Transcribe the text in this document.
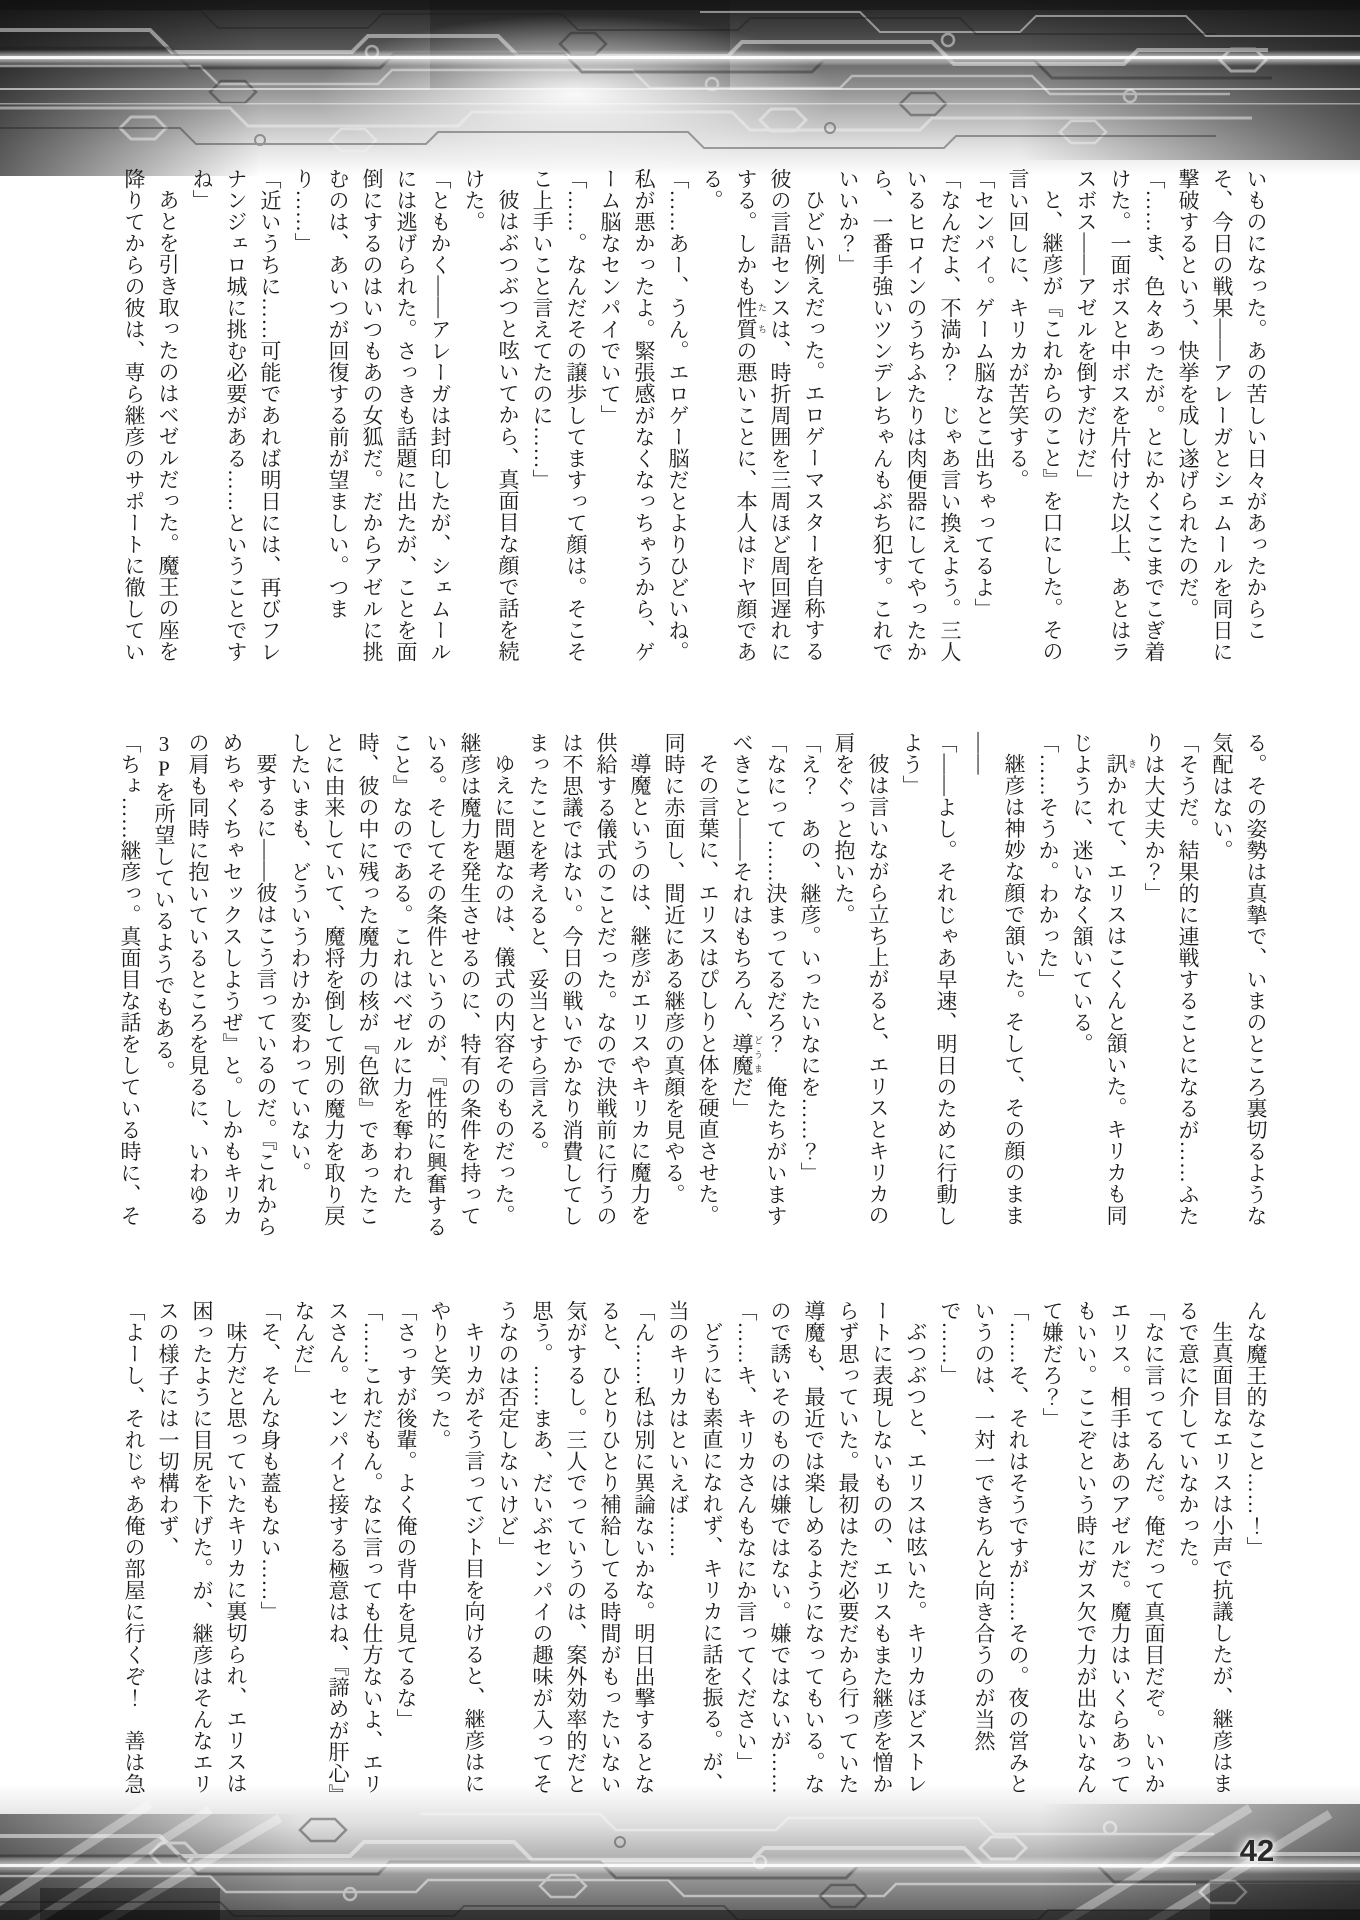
いものになった。あの苦しい日々があったからこそ、今日の戦果——アレーガとシェムールを同日に撃破するという、快挙を成し遂げられたのだ。

「……ま、色々あったが。とにかくここまでこぎ着けた。一面ボスと中ボスを片付けた以上、あとはラスボス——アゼルを倒すだけだ」

と、継彦が『これからのこと』を口にした。その言い回しに、キリカが苦笑する。

「センパイ。ゲーム脳なとこ出ちゃってるよ」

「なんだよ、不満か？　じゃあ言い換えよう。三人いるヒロインのうちふたりは肉便器にしてやったから、一番手強いツンデレちゃんもぶち犯す。これでいいか？」

ひどい例えだった。エロゲーマスターを自称する彼の言語センスは、時折周囲を三周ほど周回遅れにする。しかも性質 たちの悪いことに、本人はドヤ顔である。

「……あー、うん。エロゲー脳だとよりひどいね。私が悪かったよ。緊張感がなくなっちゃうから、ゲーム脳なセンパイでいて」

「……。なんだその譲歩してますって顔は。そこそこ上手いこと言えてたのに……」

彼はぶつぶつと呟いてから、真面目な顔で話を続けた。

「ともかく——アレーガは封印したが、シェムールには逃げられた。さっきも話題に出たが、ことを面倒にするのはいつもあの女狐だ。だからアゼルに挑むのは、あいつが回復する前が望ましい。つまり……」

「近いうちに……可能であれば明日には、再びフレナンジェロ城に挑む必要がある……ということですね」

あとを引き取ったのはベゼルだった。魔王の座を降りてからの彼は、専ら継彦のサポートに徹してい

る。その姿勢は真摯で、いまのところ裏切るような気配はない。

「そうだ。結果的に連戦することになるが……ふたりは大丈夫か？」

訊 きかれて、エリスはこくんと頷いた。キリカも同じように、迷いなく頷いている。

「……そうか。わかった」

継彦は神妙な顔で頷いた。そして、その顔のまま——

「——よし。それじゃあ早速、明日のために行動しよう」

彼は言いながら立ち上がると、エリスとキリカの肩をぐっと抱いた。

「え？　あの、継彦。いったいなにを……？」

「なにって……決まってるだろ？　俺たちがいますべきこと——それはもちろん、導魔 どうまだ」

その言葉に、エリスはぴしりと体を硬直させた。同時に赤面し、間近にある継彦の真顔を見やる。

導魔というのは、継彦がエリスやキリカに魔力を供給する儀式のことだった。なので決戦前に行うのは不思議ではない。今日の戦いでかなり消費してしまったことを考えると、妥当とすら言える。

ゆえに問題なのは、儀式の内容そのものだった。継彦は魔力を発生させるのに、特有の条件を持っている。そしてその条件というのが、『性的に興奮すること』なのである。これはベゼルに力を奪われた時、彼の中に残った魔力の核が『色欲』であったことに由来していて、魔将を倒して別の魔力を取り戻したいまも、どういうわけか変わっていない。

要するに——彼はこう言っているのだ。『これからめちゃくちゃセックスしようぜ』と。しかもキリカの肩も同時に抱いているところを見るに、いわゆる3Pを所望しているようでもある。

「ちょ……継彦っ。真面目な話をしている時に、そ

んな魔王的なこと……！」

生真面目なエリスは小声で抗議したが、継彦はまるで意に介していなかった。

「なに言ってるんだ。俺だって真面目だぞ。いいかエリス。相手はあのアゼルだ。魔力はいくらあってもいい。ここぞという時にガス欠で力が出ないなんて嫌だろ？」

「……そ、それはそうですが……その。夜の営みというのは、一対一できちんと向き合うのが当然で……」

ぶつぶつと、エリスは呟いた。キリカほどストレートに表現しないものの、エリスもまた継彦を憎からず思っていた。最初はただ必要だから行っていた導魔も、最近では楽しめるようになってもいる。なので誘いそのものは嫌ではない。嫌ではないが……

「……キ、キリカさんもなにか言ってください」

どうにも素直になれず、キリカに話を振る。が、当のキリカはといえば……

「ん……私は別に異論ないかな。明日出撃するとなると、ひとりひとり補給してる時間がもったいない気がするし。三人でっていうのは、案外効率的だと思う。……まあ、だいぶセンパイの趣味が入ってそうなのは否定しないけど」

キリカがそう言ってジト目を向けると、継彦はにやりと笑った。

「さっすが後輩。よく俺の背中を見てるな」

「……これだもん。なに言っても仕方ないよ、エリスさん。センパイと接する極意はね、『諦めが肝心』なんだ」

「そ、そんな身も蓋もない……」

味方だと思っていたキリカに裏切られ、エリスは困ったように目尻を下げた。が、継彦はそんなエリスの様子には一切構わず、

「よーし、それじゃあ俺の部屋に行くぞ！　善は急

42
